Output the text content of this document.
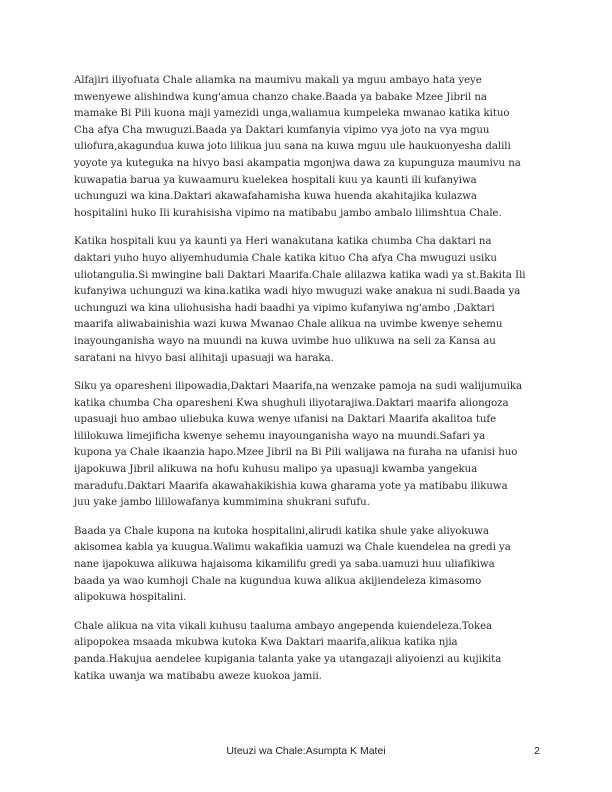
Alfajiri iliyofuata Chale aliamka na maumivu makali ya mguu ambayo hata yeye
mwenyewe alishindwa kung'amua chanzo chake.Baada ya babake Mzee Jibril na
mamake Bi Pili kuona maji yamezidi unga,waliamua kumpeleka mwanao katika kituo
Cha afya Cha mwuguzi.Baada ya Daktari kumfanyia vipimo vya joto na vya mguu
uliofura,akagundua kuwa joto lilikua juu sana na kuwa mguu ule haukuonyesha dalili
yoyote ya kuteguka na hivyo basi akampatia mgonjwa dawa za kupunguza maumivu na
kuwapatia barua ya kuwaamuru kuelekea hospitali kuu ya kaunti ili kufanyiwa
uchunguzi wa kina.Daktari akawafahamisha kuwa huenda akahitajika kulazwa
hospitalini huko Ili kurahisisha vipimo na matibabu jambo ambalo lilimshtua Chale.

Katika hospitali kuu ya kaunti ya Heri wanakutana katika chumba Cha daktari na
daktari yuho huyo aliyemhudumia Chale katika kituo Cha afya Cha mwuguzi usiku
uliotangulia.Si mwingine bali Daktari Maarifa.Chale alilazwa katika wadi ya st.Bakita Ili
kufanyiwa uchunguzi wa kina.katika wadi hiyo mwuguzi wake anakua ni sudi.Baada ya
uchunguzi wa kina uliohusisha hadi baadhi ya vipimo kufanyiwa ng'ambo ,Daktari
maarifa aliwabainishia wazi kuwa Mwanao Chale alikua na uvimbe kwenye sehemu
inayounganisha wayo na muundi na kuwa uvimbe huo ulikuwa na seli za Kansa au
saratani na hivyo basi alihitaji upasuaji wa haraka.

Siku ya oparesheni ilipowadia,Daktari Maarifa,na wenzake pamoja na sudi walijumuika
katika chumba Cha oparesheni Kwa shughuli iliyotarajiwa.Daktari maarifa aliongoza
upasuaji huo ambao uliebuka kuwa wenye ufanisi na Daktari Maarifa akalitoa tufe
lililokuwa limejificha kwenye sehemu inayounganisha wayo na muundi.Safari ya
kupona ya Chale ikaanzia hapo.Mzee Jibril na Bi Pili walijawa na furaha na ufanisi huo
ijapokuwa Jibril alikuwa na hofu kuhusu malipo ya upasuaji kwamba yangekua
maradufu.Daktari Maarifa akawahakikishia kuwa gharama yote ya matibabu ilikuwa
juu yake jambo lililowafanya kummimina shukrani sufufu.

Baada ya Chale kupona na kutoka hospitalini,alirudi katika shule yake aliyokuwa
akisomea kabla ya kuugua.Walimu wakafikia uamuzi wa Chale kuendelea na gredi ya
nane ijapokuwa alikuwa hajaisoma kikamilifu gredi ya saba.uamuzi huu uliafikiwa
baada ya wao kumhoji Chale na kugundua kuwa alikua akijiendeleza kimasomo
alipokuwa hospitalini.

Chale alikua na vita vikali kuhusu taaluma ambayo angependa kuiendeleza.Tokea
alipopokea msaada mkubwa kutoka Kwa Daktari maarifa,alikua katika njia
panda.Hakujua aendelee kupigania talanta yake ya utangazaji aliyoienzi au kujikita
katika uwanja wa matibabu aweze kuokoa jamii.

Uteuzi wa Chale:Asumpta K Matei	2
